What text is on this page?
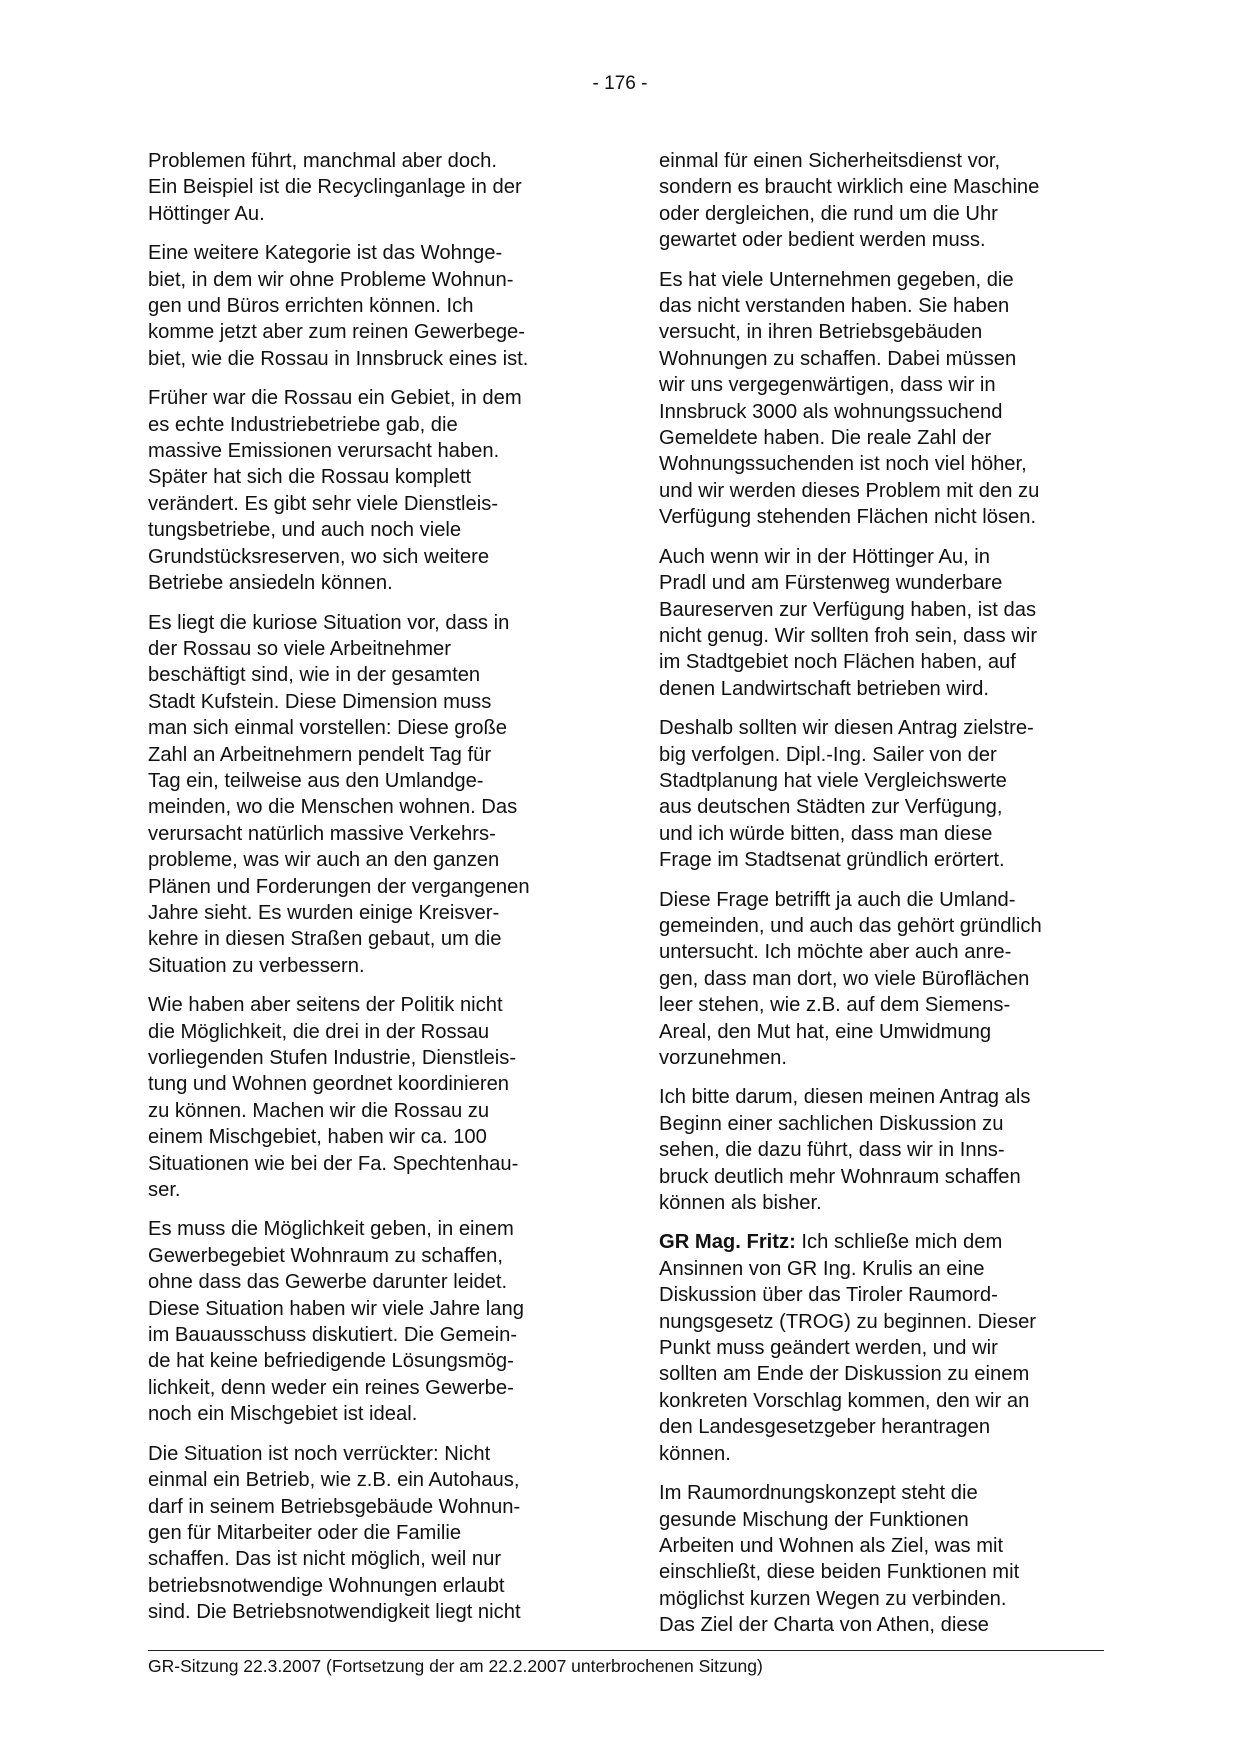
- 176 -

Problemen führt, manchmal aber doch.
Ein Beispiel ist die Recyclinganlage in der
Höttinger Au.

Eine weitere Kategorie ist das Wohnge-
biet, in dem wir ohne Probleme Wohnun-
gen und Büros errichten können. Ich
komme jetzt aber zum reinen Gewerbege-
biet, wie die Rossau in Innsbruck eines ist.

Früher war die Rossau ein Gebiet, in dem
es echte Industriebetriebe gab, die
massive Emissionen verursacht haben.
Später hat sich die Rossau komplett
verändert. Es gibt sehr viele Dienstleis-
tungsbetriebe, und auch noch viele
Grundstücksreserven, wo sich weitere
Betriebe ansiedeln können.

Es liegt die kuriose Situation vor, dass in
der Rossau so viele Arbeitnehmer
beschäftigt sind, wie in der gesamten
Stadt Kufstein. Diese Dimension muss
man sich einmal vorstellen: Diese große
Zahl an Arbeitnehmern pendelt Tag für
Tag ein, teilweise aus den Umlandge-
meinden, wo die Menschen wohnen. Das
verursacht natürlich massive Verkehrs-
probleme, was wir auch an den ganzen
Plänen und Forderungen der vergangenen
Jahre sieht. Es wurden einige Kreisver-
kehre in diesen Straßen gebaut, um die
Situation zu verbessern.

Wie haben aber seitens der Politik nicht
die Möglichkeit, die drei in der Rossau
vorliegenden Stufen Industrie, Dienstleis-
tung und Wohnen geordnet koordinieren
zu können. Machen wir die Rossau zu
einem Mischgebiet, haben wir ca. 100
Situationen wie bei der Fa. Spechtenhau-
ser.

Es muss die Möglichkeit geben, in einem
Gewerbegebiet Wohnraum zu schaffen,
ohne dass das Gewerbe darunter leidet.
Diese Situation haben wir viele Jahre lang
im Bauausschuss diskutiert. Die Gemein-
de hat keine befriedigende Lösungsmög-
lichkeit, denn weder ein reines Gewerbe-
noch ein Mischgebiet ist ideal.

Die Situation ist noch verrückter: Nicht
einmal ein Betrieb, wie z.B. ein Autohaus,
darf in seinem Betriebsgebäude Wohnun-
gen für Mitarbeiter oder die Familie
schaffen. Das ist nicht möglich, weil nur
betriebsnotwendige Wohnungen erlaubt
sind. Die Betriebsnotwendigkeit liegt nicht

einmal für einen Sicherheitsdienst vor,
sondern es braucht wirklich eine Maschine
oder dergleichen, die rund um die Uhr
gewartet oder bedient werden muss.

Es hat viele Unternehmen gegeben, die
das nicht verstanden haben. Sie haben
versucht, in ihren Betriebsgebäuden
Wohnungen zu schaffen. Dabei müssen
wir uns vergegenwärtigen, dass wir in
Innsbruck 3000 als wohnungssuchend
Gemeldete haben. Die reale Zahl der
Wohnungssuchenden ist noch viel höher,
und wir werden dieses Problem mit den zu
Verfügung stehenden Flächen nicht lösen.

Auch wenn wir in der Höttinger Au, in
Pradl und am Fürstenweg wunderbare
Baureserven zur Verfügung haben, ist das
nicht genug. Wir sollten froh sein, dass wir
im Stadtgebiet noch Flächen haben, auf
denen Landwirtschaft betrieben wird.

Deshalb sollten wir diesen Antrag zielstre-
big verfolgen. Dipl.-Ing. Sailer von der
Stadtplanung hat viele Vergleichswerte
aus deutschen Städten zur Verfügung,
und ich würde bitten, dass man diese
Frage im Stadtsenat gründlich erörtert.

Diese Frage betrifft ja auch die Umland-
gemeinden, und auch das gehört gründlich
untersucht. Ich möchte aber auch anre-
gen, dass man dort, wo viele Büroflächen
leer stehen, wie z.B. auf dem Siemens-
Areal, den Mut hat, eine Umwidmung
vorzunehmen.

Ich bitte darum, diesen meinen Antrag als
Beginn einer sachlichen Diskussion zu
sehen, die dazu führt, dass wir in Inns-
bruck deutlich mehr Wohnraum schaffen
können als bisher.

GR Mag. Fritz: Ich schließe mich dem
Ansinnen von GR Ing. Krulis an eine
Diskussion über das Tiroler Raumord-
nungsgesetz (TROG) zu beginnen. Dieser
Punkt muss geändert werden, und wir
sollten am Ende der Diskussion zu einem
konkreten Vorschlag kommen, den wir an
den Landesgesetzgeber herantragen
können.

Im Raumordnungskonzept steht die
gesunde Mischung der Funktionen
Arbeiten und Wohnen als Ziel, was mit
einschließt, diese beiden Funktionen mit
möglichst kurzen Wegen zu verbinden.
Das Ziel der Charta von Athen, diese

GR-Sitzung 22.3.2007 (Fortsetzung der am 22.2.2007 unterbrochenen Sitzung)
